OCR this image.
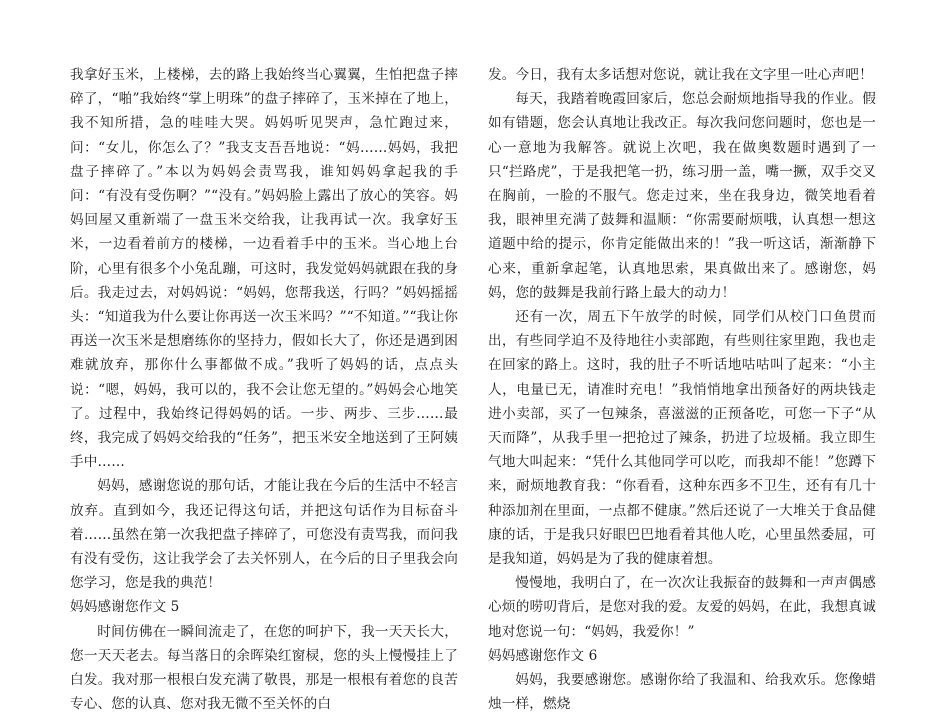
我拿好玉米，上楼梯，去的路上我始终当心翼翼，生怕把盘子摔碎了，“啪”我始终“掌上明珠”的盘子摔碎了，玉米掉在了地上，我不知所措，急的哇哇大哭。妈妈听见哭声，急忙跑过来，问：“女儿，你怎么了？”我支支吾吾地说：“妈……妈妈，我把盘子摔碎了。”本以为妈妈会责骂我，谁知妈妈拿起我的手问：“有没有受伤啊？”“没有。”妈妈脸上露出了放心的笑容。妈妈回屋又重新端了一盘玉米交给我，让我再试一次。我拿好玉米，一边看着前方的楼梯，一边看着手中的玉米。当心地上台阶，心里有很多个小兔乱蹦，可这时，我发觉妈妈就跟在我的身后。我走过去，对妈妈说：“妈妈，您帮我送，行吗？”妈妈摇摇头：“知道我为什么要让你再送一次玉米吗？”“不知道。”“我让你再送一次玉米是想磨练你的坚持力，假如长大了，你还是遇到困难就放弃，那你什么事都做不成。”我听了妈妈的话，点点头说：“嗯，妈妈，我可以的，我不会让您无望的。”妈妈会心地笑了。过程中，我始终记得妈妈的话。一步、两步、三步……最终，我完成了妈妈交给我的“任务”，把玉米安全地送到了王阿姨手中……

妈妈，感谢您说的那句话，才能让我在今后的生活中不轻言放弃。直到如今，我还记得这句话，并把这句话作为目标奋斗着……虽然在第一次我把盘子摔碎了，可您没有责骂我，而问我有没有受伤，这让我学会了去关怀别人，在今后的日子里我会向您学习，您是我的典范！

妈妈感谢您作文 5

时间仿佛在一瞬间流走了，在您的呵护下，我一天天长大，您一天天老去。每当落日的余晖染红窗棂，您的头上慢慢挂上了白发。我对那一根根白发充满了敬畏，那是一根根有着您的良苦专心、您的认真、您对我无微不至关怀的白

发。今日，我有太多话想对您说，就让我在文字里一吐心声吧！

每天，我踏着晚霞回家后，您总会耐烦地指导我的作业。假如有错题，您会认真地让我改正。每次我问您问题时，您也是一心一意地为我解答。就说上次吧，我在做奥数题时遇到了一只“拦路虎”，于是我把笔一扔，练习册一盖，嘴一撅，双手交叉在胸前，一脸的不服气。您走过来，坐在我身边，微笑地看着我，眼神里充满了鼓舞和温顺：“你需要耐烦哦，认真想一想这道题中给的提示，你肯定能做出来的！”我一听这话，渐渐静下心来，重新拿起笔，认真地思索，果真做出来了。感谢您，妈妈，您的鼓舞是我前行路上最大的动力！

还有一次，周五下午放学的时候，同学们从校门口鱼贯而出，有些同学迫不及待地往小卖部跑，有些则往家里跑，我也走在回家的路上。这时，我的肚子不听话地咕咕叫了起来：“小主人，电量已无，请准时充电！”我悄悄地拿出预备好的两块钱走进小卖部，买了一包辣条，喜滋滋的正预备吃，可您一下子“从天而降”，从我手里一把抢过了辣条，扔进了垃圾桶。我立即生气地大叫起来：“凭什么其他同学可以吃，而我却不能！”您蹲下来，耐烦地教育我：“你看看，这种东西多不卫生，还有有几十种添加剂在里面，一点都不健康。”然后还说了一大堆关于食品健康的话，于是我只好眼巴巴地看着其他人吃，心里虽然委屈，可是我知道，妈妈是为了我的健康着想。

慢慢地，我明白了，在一次次让我振奋的鼓舞和一声声偶感心烦的唠叨背后，是您对我的爱。友爱的妈妈，在此，我想真诚地对您说一句：“妈妈，我爱你！”

妈妈感谢您作文 6

妈妈，我要感谢您。感谢你给了我温和、给我欢乐。您像蜡烛一样，燃烧
